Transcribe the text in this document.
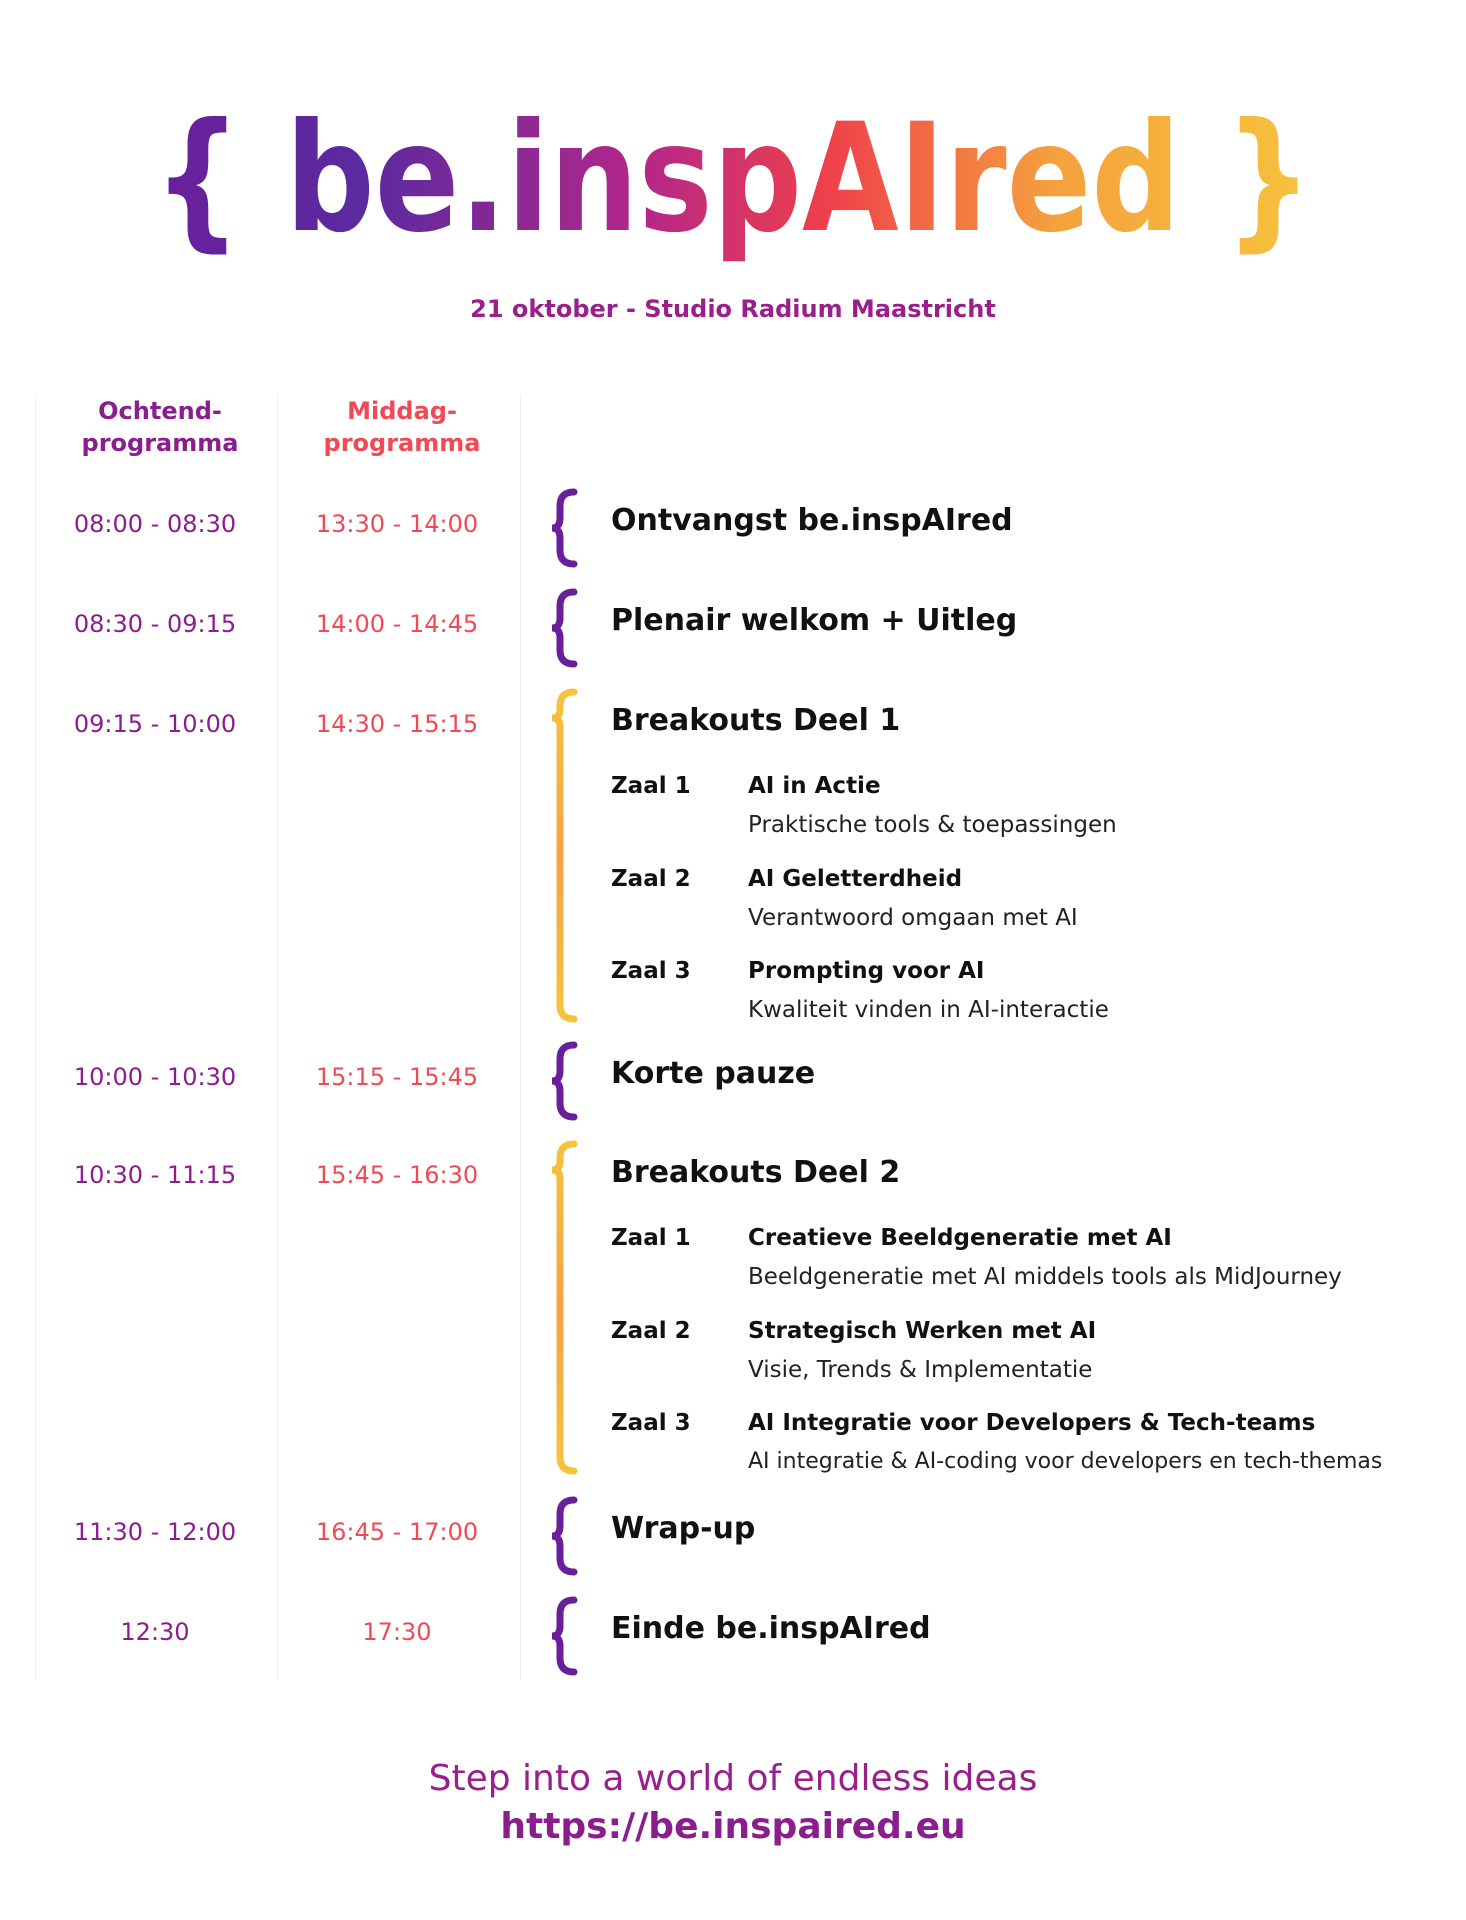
{ be.inspAIred }
21 oktober - Studio Radium Maastricht
Ochtend-
programma
Middag-
programma
08:00 - 08:30	13:30 - 14:00	Ontvangst be.inspAIred
08:30 - 09:15	14:00 - 14:45	Plenair welkom + Uitleg
09:15 - 10:00	14:30 - 15:15	Breakouts Deel 1
Zaal 1 AI in Actie
Praktische tools & toepassingen
Zaal 2 AI Geletterdheid
Verantwoord omgaan met AI
Zaal 3 Prompting voor AI
Kwaliteit vinden in AI-interactie
10:00 - 10:30	15:15 - 15:45	Korte pauze
10:30 - 11:15	15:45 - 16:30	Breakouts Deel 2
Zaal 1 Creatieve Beeldgeneratie met AI
Beeldgeneratie met AI middels tools als MidJourney
Zaal 2 Strategisch Werken met AI
Visie, Trends & Implementatie
Zaal 3 AI Integratie voor Developers & Tech-teams
AI integratie & AI-coding voor developers en tech-themas
11:30 - 12:00	16:45 - 17:00	Wrap-up
12:30	17:30	Einde be.inspAIred
Step into a world of endless ideas
https://be.inspaired.eu
